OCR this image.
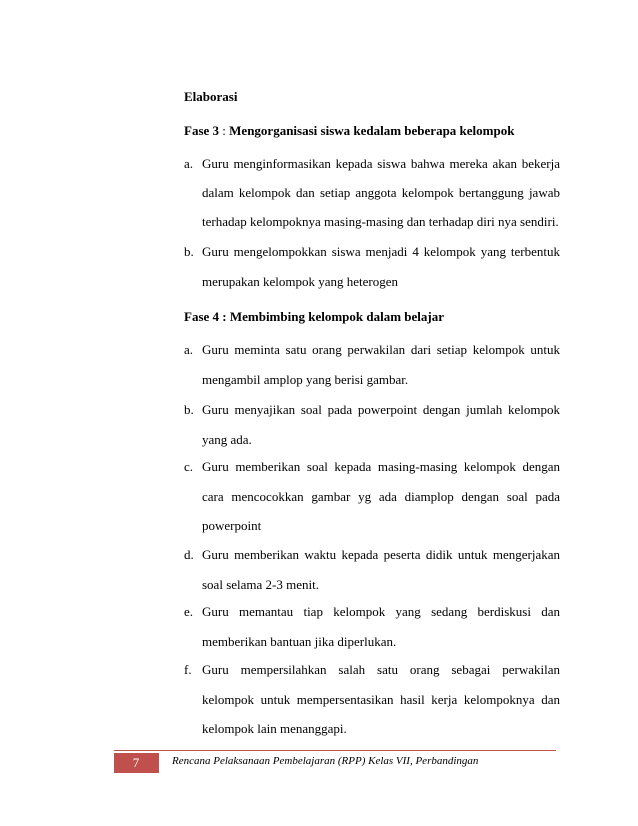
Elaborasi
Fase 3 : Mengorganisasi siswa kedalam beberapa kelompok
a. Guru menginformasikan kepada siswa bahwa mereka akan bekerja
dalam kelompok dan setiap anggota kelompok bertanggung jawab
terhadap kelompoknya masing-masing dan terhadap diri nya sendiri.
b. Guru mengelompokkan siswa menjadi 4 kelompok yang terbentuk
merupakan kelompok yang heterogen
Fase 4 : Membimbing kelompok dalam belajar
a. Guru meminta satu orang perwakilan dari setiap kelompok untuk
mengambil amplop yang berisi gambar.
b. Guru menyajikan soal pada powerpoint dengan jumlah kelompok
yang ada.
c. Guru memberikan soal kepada masing-masing kelompok dengan
cara mencocokkan gambar yg ada diamplop dengan soal pada
powerpoint
d. Guru memberikan waktu kepada peserta didik untuk mengerjakan
soal selama 2-3 menit.
e. Guru memantau tiap kelompok yang sedang berdiskusi dan
memberikan bantuan jika diperlukan.
f. Guru mempersilahkan salah satu orang sebagai perwakilan
kelompok untuk mempersentasikan hasil kerja kelompoknya dan
kelompok lain menanggapi.
7	Rencana Pelaksanaan Pembelajaran (RPP) Kelas VII, Perbandingan
